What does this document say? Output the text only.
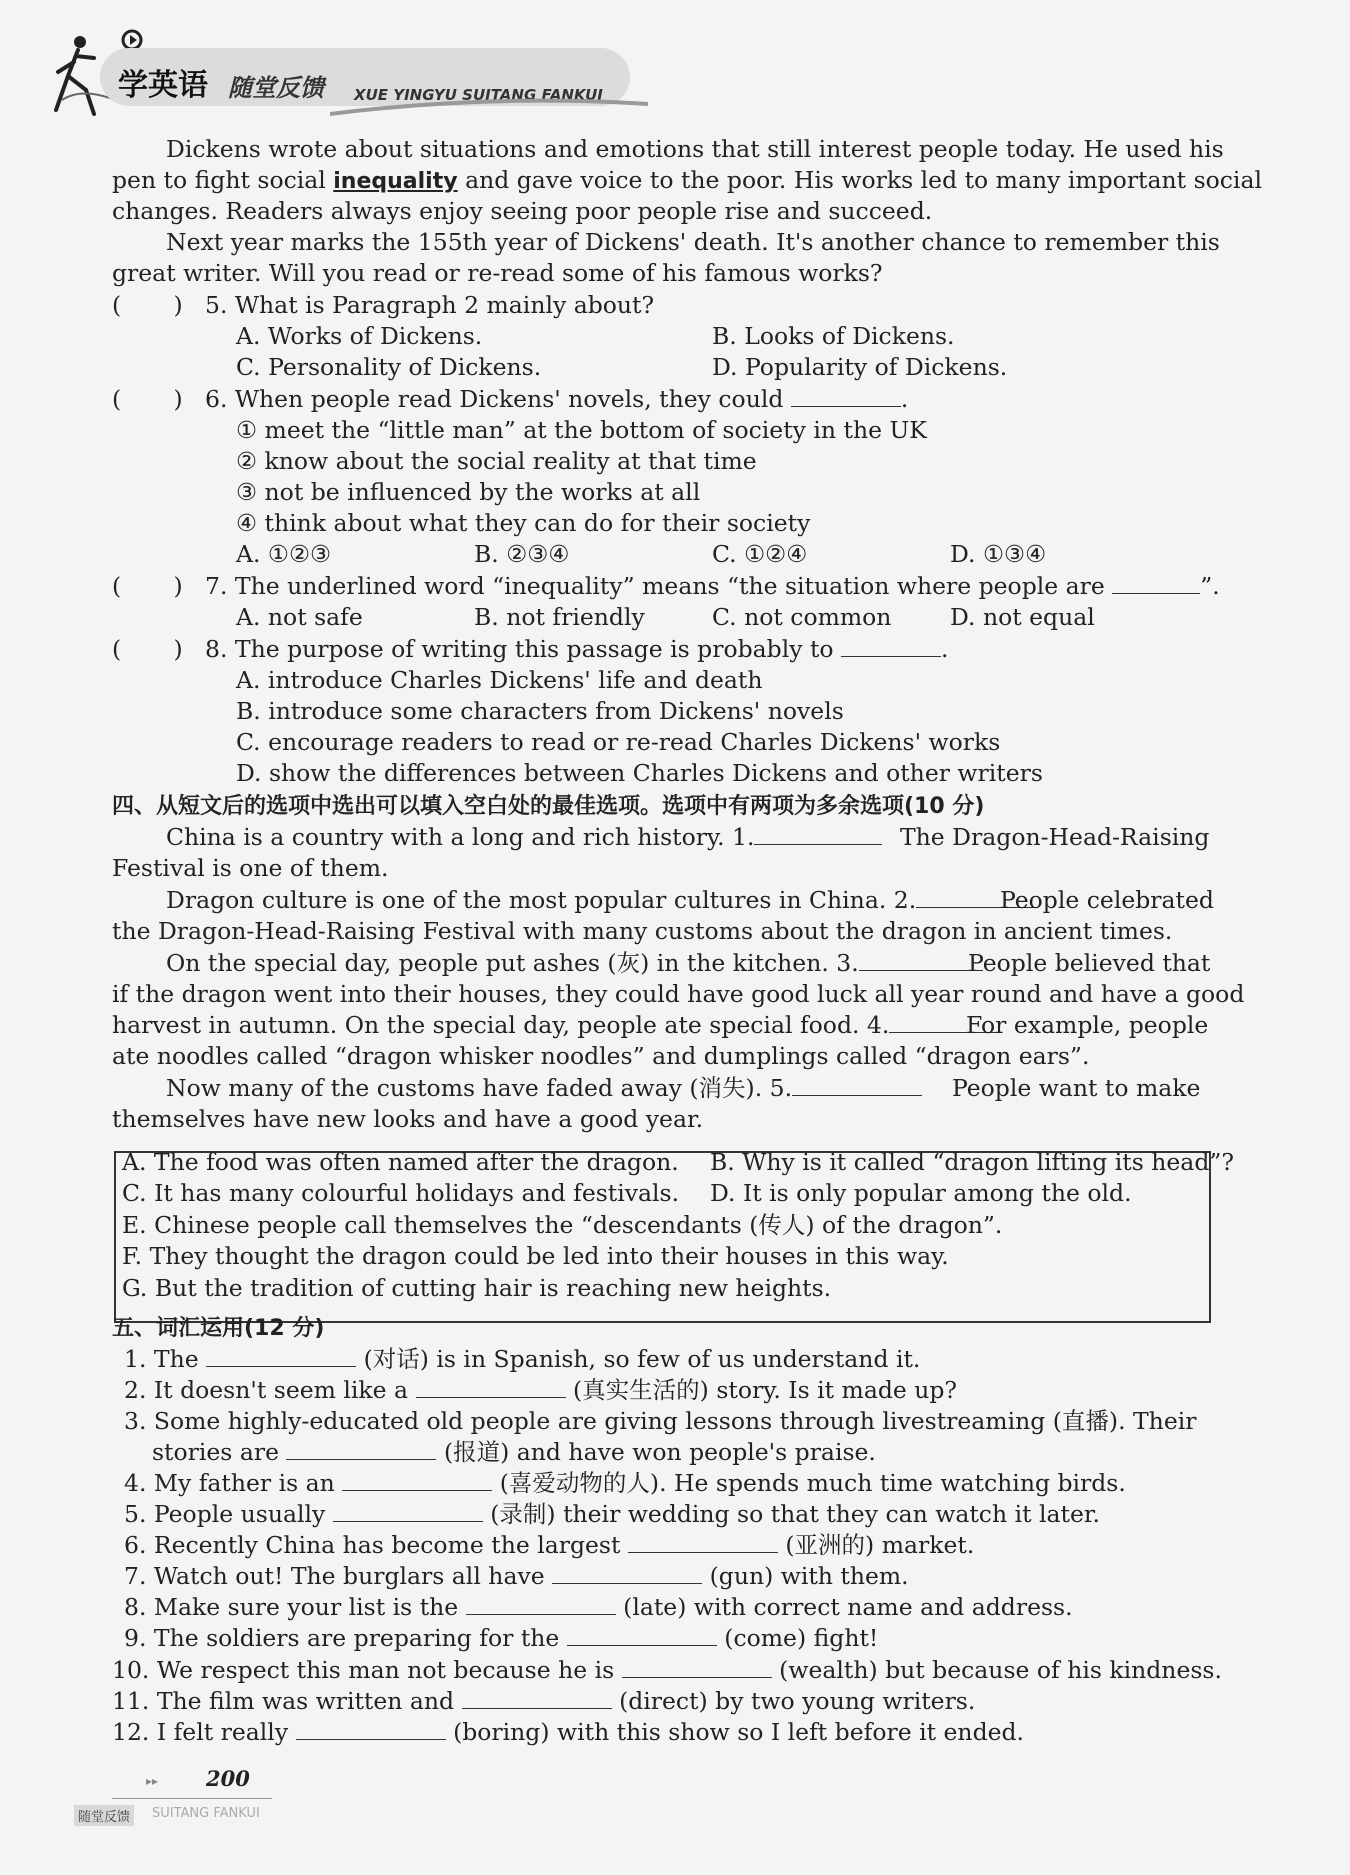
学英语 随堂反馈 XUE YINGYU SUITANG FANKUI
Dickens wrote about situations and emotions that still interest people today. He used his
pen to fight social inequality and gave voice to the poor. His works led to many important social
changes. Readers always enjoy seeing poor people rise and succeed.
Next year marks the 155th year of Dickens' death. It's another chance to remember this
great writer. Will you read or re-read some of his famous works?
(       ) 5. What is Paragraph 2 mainly about?
A. Works of Dickens.	B. Looks of Dickens.
C. Personality of Dickens.	D. Popularity of Dickens.
(       ) 6. When people read Dickens' novels, they could	.
① meet the “little man” at the bottom of society in the UK
② know about the social reality at that time
③ not be influenced by the works at all
④ think about what they can do for their society
A. ①②③	B. ②③④	C. ①②④	D. ①③④
(       ) 7. The underlined word “inequality” means “the situation where people are	”.
A. not safe	B. not friendly	C. not common D. not equal
(       ) 8. The purpose of writing this passage is probably to	.
A. introduce Charles Dickens' life and death
B. introduce some characters from Dickens' novels
C. encourage readers to read or re-read Charles Dickens' works
D. show the differences between Charles Dickens and other writers
四、从短文后的选项中选出可以填入空白处的最佳选项。选项中有两项为多余选项(10 分)
China is a country with a long and rich history. 1.	The Dragon-Head-Raising
Festival is one of them.
Dragon culture is one of the most popular cultures in China. 2.	People celebrated
the Dragon-Head-Raising Festival with many customs about the dragon in ancient times.
On the special day, people put ashes (灰) in the kitchen. 3.	People believed that
if the dragon went into their houses, they could have good luck all year round and have a good
harvest in autumn. On the special day, people ate special food. 4.	For example, people
ate noodles called “dragon whisker noodles” and dumplings called “dragon ears”.
Now many of the customs have faded away (消失). 5.	People want to make
themselves have new looks and have a good year.
A. The food was often named after the dragon. B. Why is it called “dragon lifting its head”?
C. It has many colourful holidays and festivals. D. It is only popular among the old.
E. Chinese people call themselves the “descendants (传人) of the dragon”.
F. They thought the dragon could be led into their houses in this way.
G. But the tradition of cutting hair is reaching new heights.
五、词汇运用(12 分)
1. The	(对话) is in Spanish, so few of us understand it.
2. It doesn't seem like a	(真实生活的) story. Is it made up?
3. Some highly-educated old people are giving lessons through livestreaming (直播). Their
stories are	(报道) and have won people's praise.
4. My father is an	(喜爱动物的人). He spends much time watching birds.
5. People usually	(录制) their wedding so that they can watch it later.
6. Recently China has become the largest	(亚洲的) market.
7. Watch out! The burglars all have	(gun) with them.
8. Make sure your list is the	(late) with correct name and address.
9. The soldiers are preparing for the	(come) fight!
10. We respect this man not because he is	(wealth) but because of his kindness.
11. The film was written and	(direct) by two young writers.
12. I felt really	(boring) with this show so I left before it ended.
▸▸ 200
随堂反馈	SUITANG FANKUI
